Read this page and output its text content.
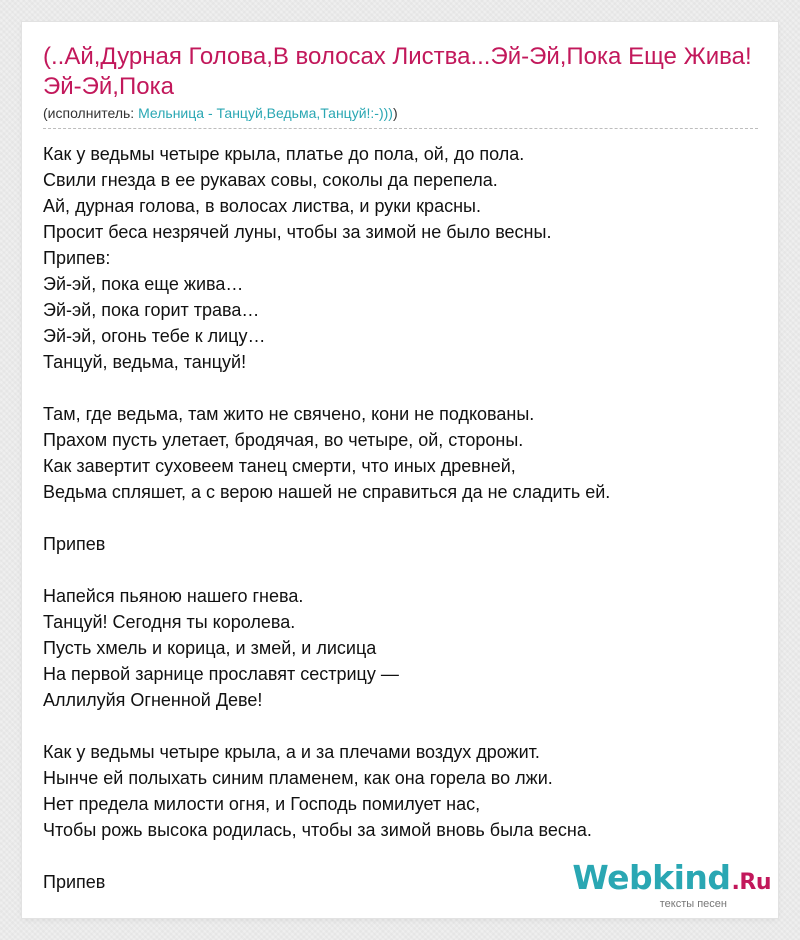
(..Ай,Дурная Голова,В волосах Листва...Эй-Эй,Пока Еще Жива!Эй-Эй,Пока
(исполнитель: Мельница - Танцуй,Ведьма,Танцуй!:-))))
Как у ведьмы четыре крыла, платье до пола, ой, до пола.
Свили гнезда в ее рукавах совы, соколы да перепела.
Ай, дурная голова, в волосах листва, и руки красны.
Просит беса незрячей луны, чтобы за зимой не было весны.
Припев:
Эй-эй, пока еще жива…
Эй-эй, пока горит трава…
Эй-эй, огонь тебе к лицу…
Танцуй, ведьма, танцуй!
Там, где ведьма, там жито не свячено, кони не подкованы.
Прахом пусть улетает, бродячая, во четыре, ой, стороны.
Как завертит суховеем танец смерти, что иных древней,
Ведьма спляшет, а с верою нашей не справиться да не сладить ей.
Припев
Напейся пьяною нашего гнева.
Танцуй! Сегодня ты королева.
Пусть хмель и корица, и змей, и лисица
На первой зарнице прославят сестрицу —
Аллилуйя Огненной Деве!
Как у ведьмы четыре крыла, а и за плечами воздух дрожит.
Нынче ей полыхать синим пламенем, как она горела во лжи.
Нет предела милости огня, и Господь помилует нас,
Чтобы рожь высока родилась, чтобы за зимой вновь была весна.
Припев	Webkind.Ru
тексты песен
